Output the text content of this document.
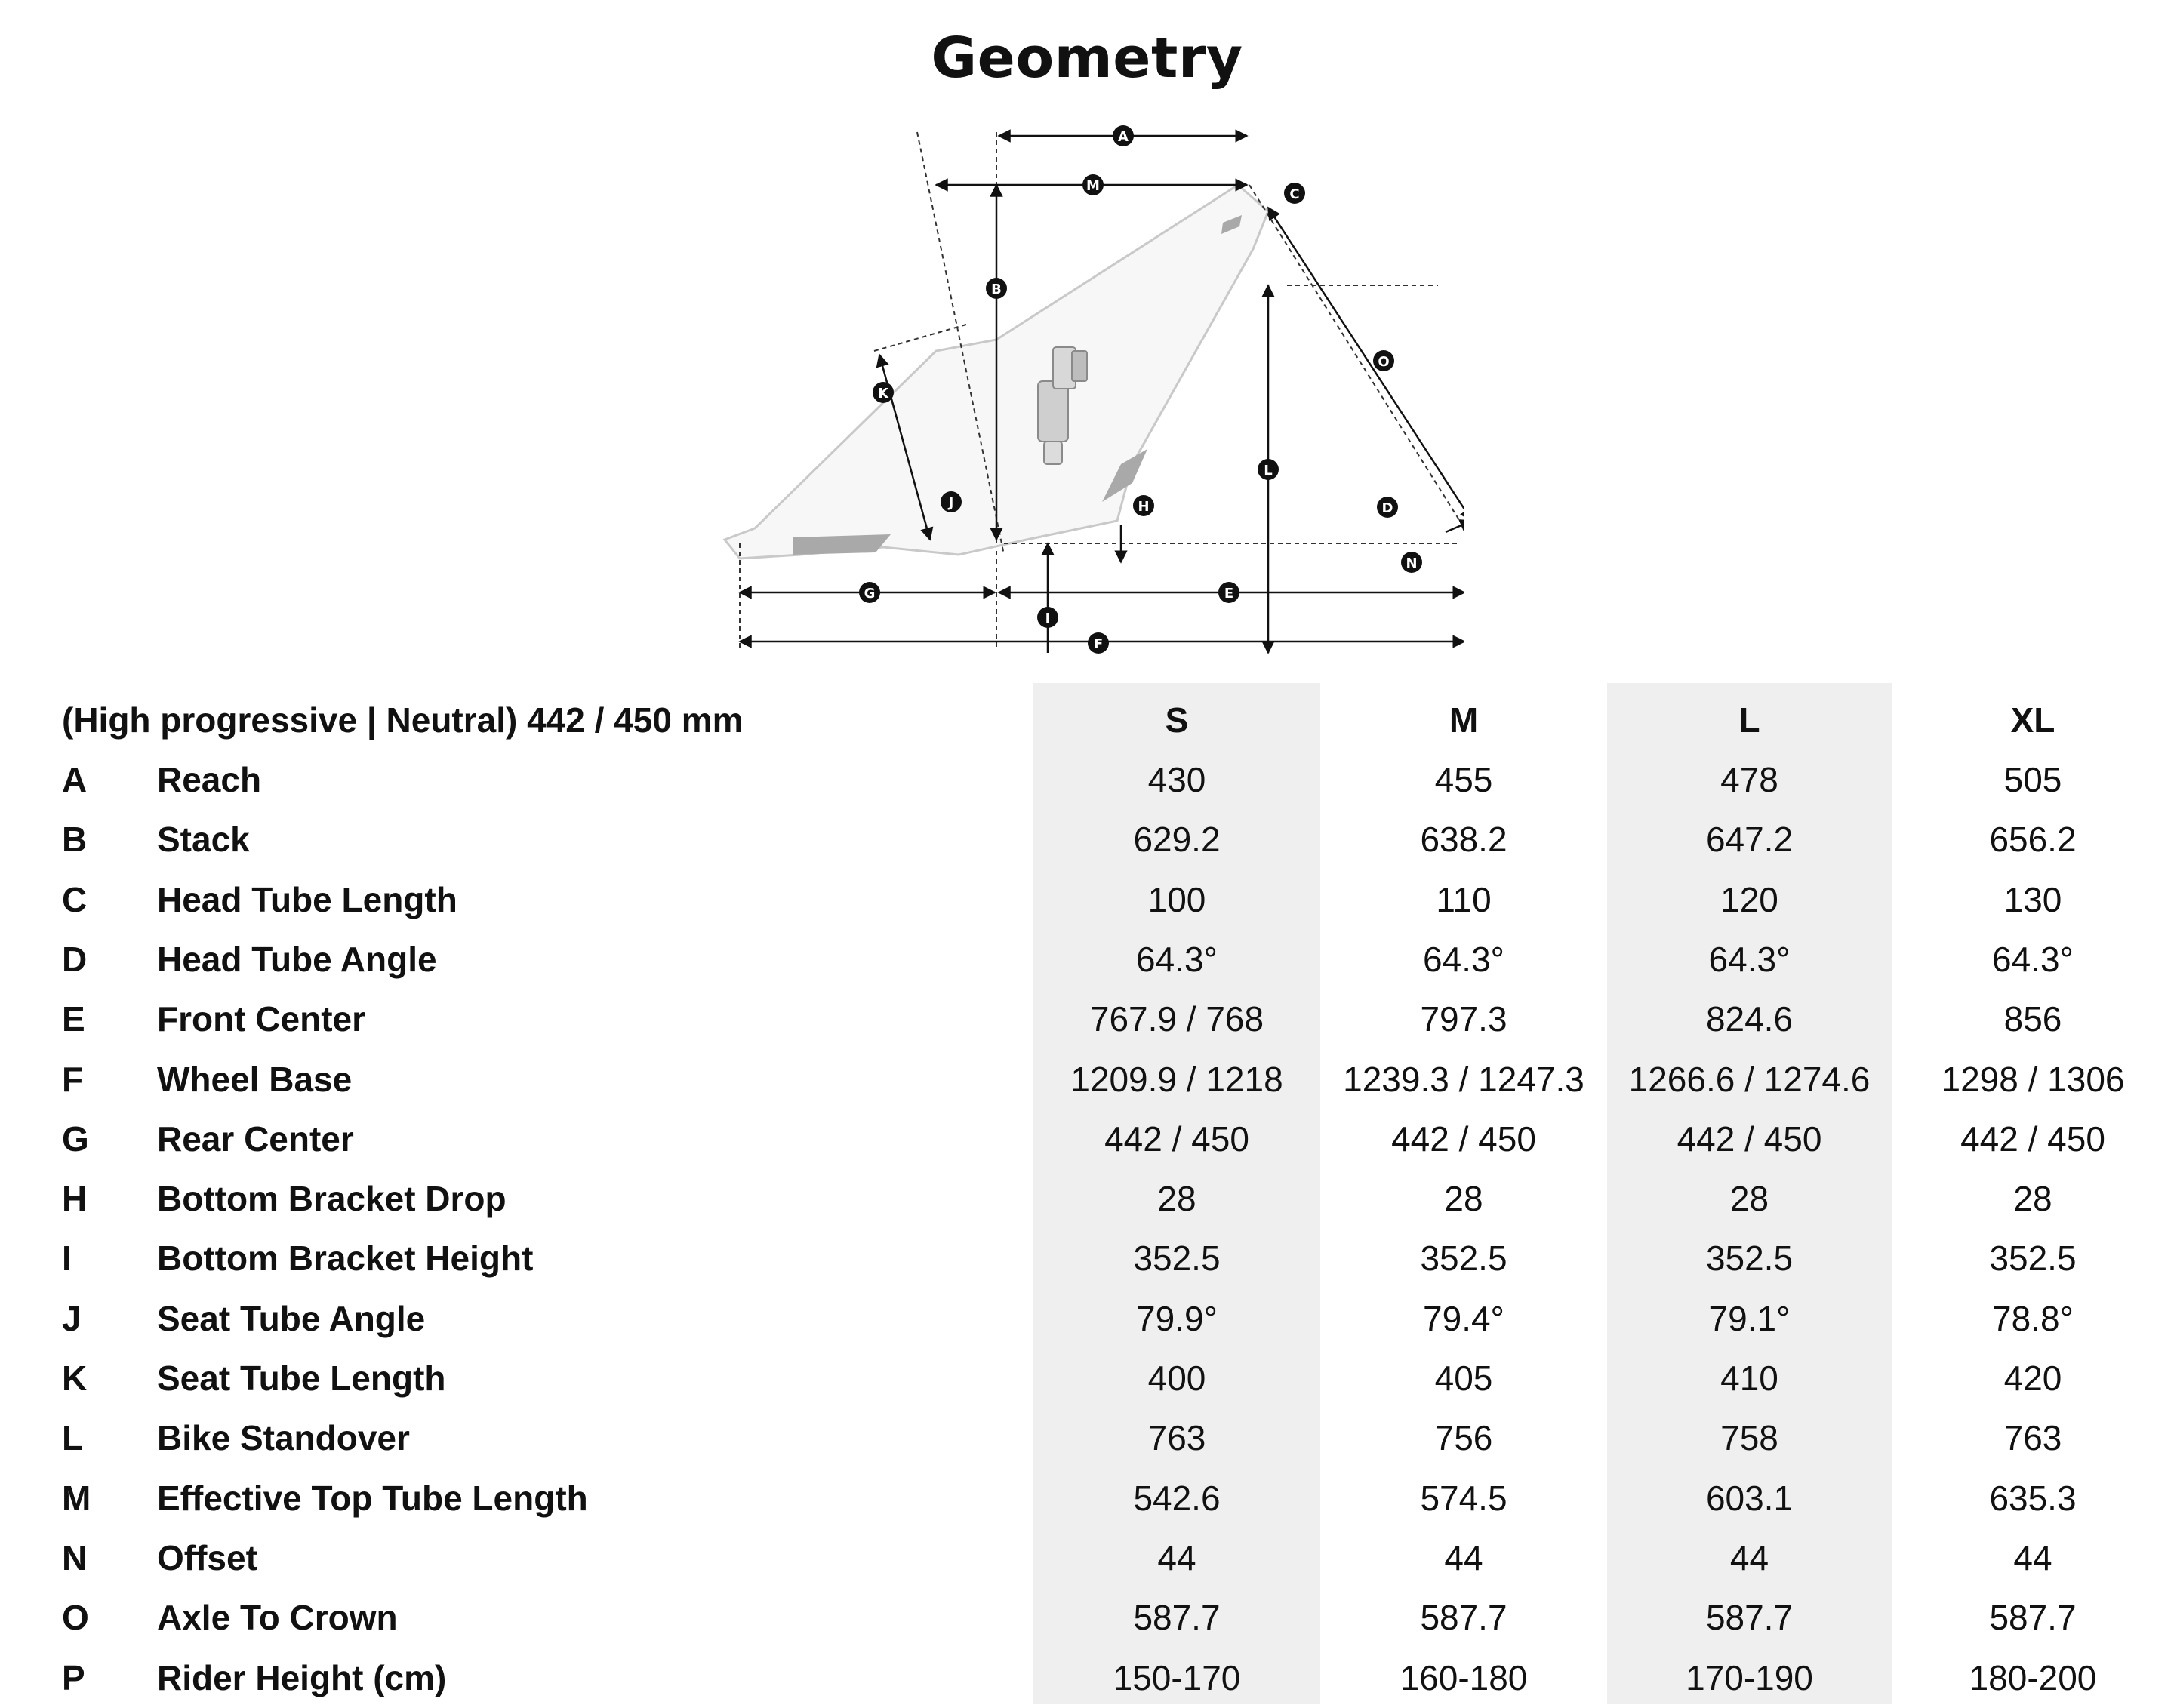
Geometry
A
M
C
B
O
K
L
J	H	D
N
G	E
I
F
(High progressive | Neutral) 442 / 450 mm	S	M	L	XL
A Reach	430	455	478	505
B Stack	629.2	638.2	647.2	656.2
C Head Tube Length	100	110	120	130
D Head Tube Angle	64.3°	64.3°	64.3°	64.3°
E Front Center	767.9 / 768	797.3	824.6	856
F Wheel Base	1209.9 / 1218	1239.3 / 1247.3	1266.6 / 1274.6	1298 / 1306
G Rear Center	442 / 450	442 / 450	442 / 450	442 / 450
H Bottom Bracket Drop	28	28	28	28
I Bottom Bracket Height	352.5	352.5	352.5	352.5
J Seat Tube Angle	79.9°	79.4°	79.1°	78.8°
K Seat Tube Length	400	405	410	420
L Bike Standover	763	756	758	763
M Effective Top Tube Length	542.6	574.5	603.1	635.3
N Offset	44	44	44	44
O Axle To Crown	587.7	587.7	587.7	587.7
P Rider Height (cm)	150-170	160-180	170-190	180-200
